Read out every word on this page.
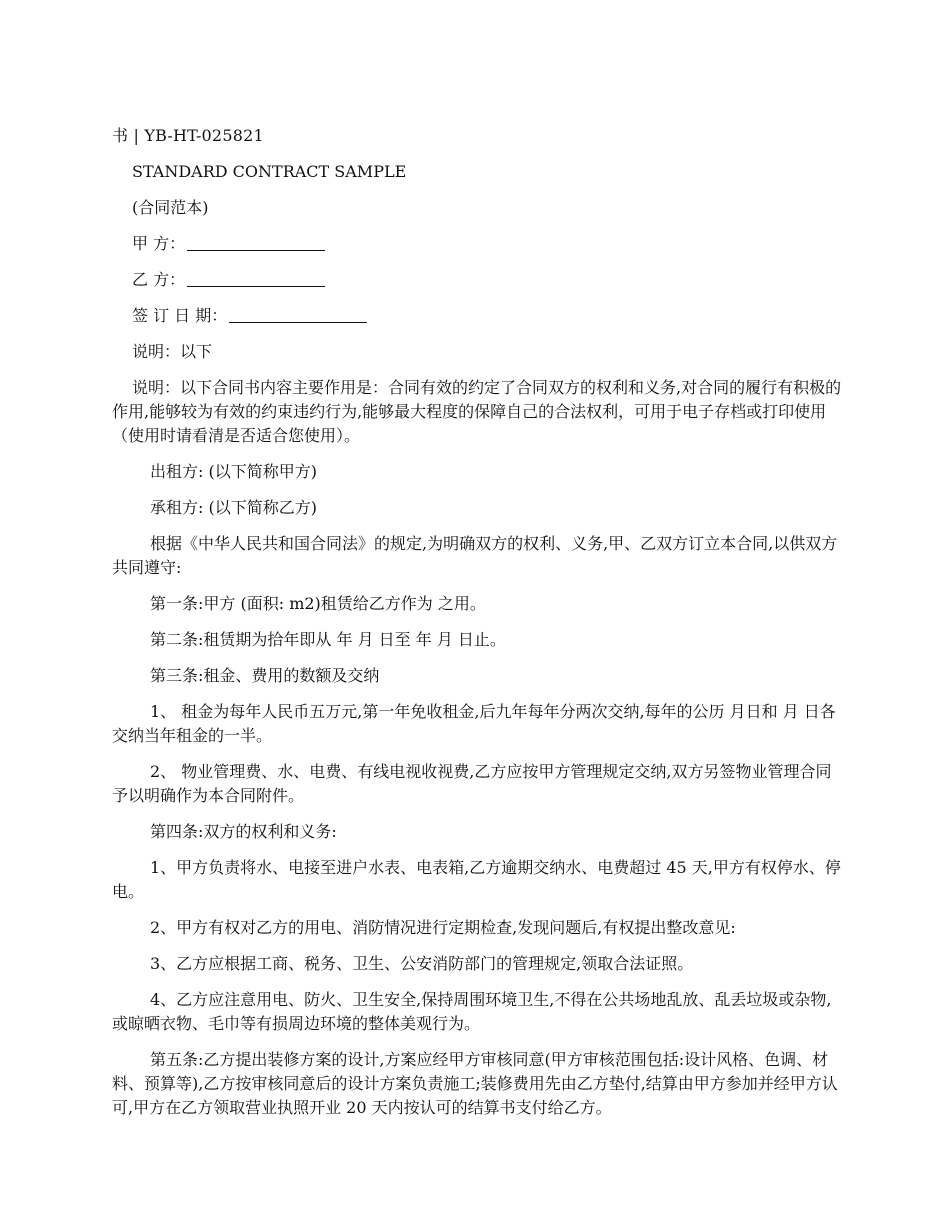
书 | YB-HT-025821
STANDARD CONTRACT SAMPLE
(合同范本)
甲 方：
乙 方：
签 订 日 期：
说明：以下

说明：以下合同书内容主要作用是：合同有效的约定了合同双方的权利和义务,对合同的履行有积极的作用,能够较为有效的约束违约行为,能够最大程度的保障自己的合法权利，可用于电子存档或打印使用（使用时请看清是否适合您使用）。

出租方: (以下简称甲方)
承租方: (以下简称乙方)

根据《中华人民共和国合同法》的规定,为明确双方的权利、义务,甲、乙双方订立本合同,以供双方共同遵守:

第一条:甲方 (面积: m2)租赁给乙方作为 之用。
第二条:租赁期为拾年即从 年 月 日至 年 月 日止。
第三条:租金、费用的数额及交纳

1、 租金为每年人民币五万元,第一年免收租金,后九年每年分两次交纳,每年的公历 月日和 月 日各交纳当年租金的一半。

2、 物业管理费、水、电费、有线电视收视费,乙方应按甲方管理规定交纳,双方另签物业管理合同予以明确作为本合同附件。

第四条:双方的权利和义务:

1、甲方负责将水、电接至进户水表、电表箱,乙方逾期交纳水、电费超过 45 天,甲方有权停水、停电。

2、甲方有权对乙方的用电、消防情况进行定期检查,发现问题后,有权提出整改意见:
3、乙方应根据工商、税务、卫生、公安消防部门的管理规定,领取合法证照。

4、乙方应注意用电、防火、卫生安全,保持周围环境卫生,不得在公共场地乱放、乱丢垃圾或杂物,或晾晒衣物、毛巾等有损周边环境的整体美观行为。

第五条:乙方提出装修方案的设计,方案应经甲方审核同意(甲方审核范围包括:设计风格、色调、材料、预算等),乙方按审核同意后的设计方案负责施工;装修费用先由乙方垫付,结算由甲方参加并经甲方认可,甲方在乙方领取营业执照开业 20 天内按认可的结算书支付给乙方。
